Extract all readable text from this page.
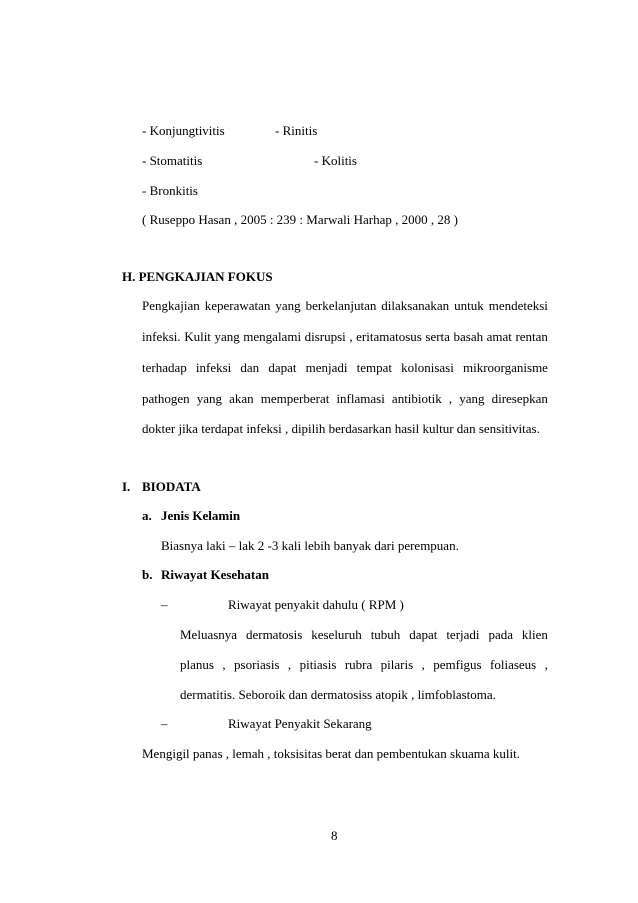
- Konjungtivitis	- Rinitis
- Stomatitis	- Kolitis
- Bronkitis
( Ruseppo Hasan , 2005 : 239 : Marwali Harhap , 2000 , 28 )
H. PENGKAJIAN FOKUS
Pengkajian keperawatan yang berkelanjutan dilaksanakan untuk mendeteksi
infeksi. Kulit yang mengalami disrupsi , eritamatosus serta basah amat rentan
terhadap infeksi dan dapat menjadi tempat kolonisasi mikroorganisme
pathogen yang akan memperberat inflamasi antibiotik , yang diresepkan
dokter jika terdapat infeksi , dipilih berdasarkan hasil kultur dan sensitivitas.
I. BIODATA
a. Jenis Kelamin
Biasnya laki – lak 2 -3 kali lebih banyak dari perempuan.
b. Riwayat Kesehatan
–	Riwayat penyakit dahulu ( RPM )
Meluasnya dermatosis keseluruh tubuh dapat terjadi pada klien
planus , psoriasis , pitiasis rubra pilaris , pemfigus foliaseus ,
dermatitis. Seboroik dan dermatosiss atopik , limfoblastoma.
–	Riwayat Penyakit Sekarang
Mengigil panas , lemah , toksisitas berat dan pembentukan skuama kulit.
8
